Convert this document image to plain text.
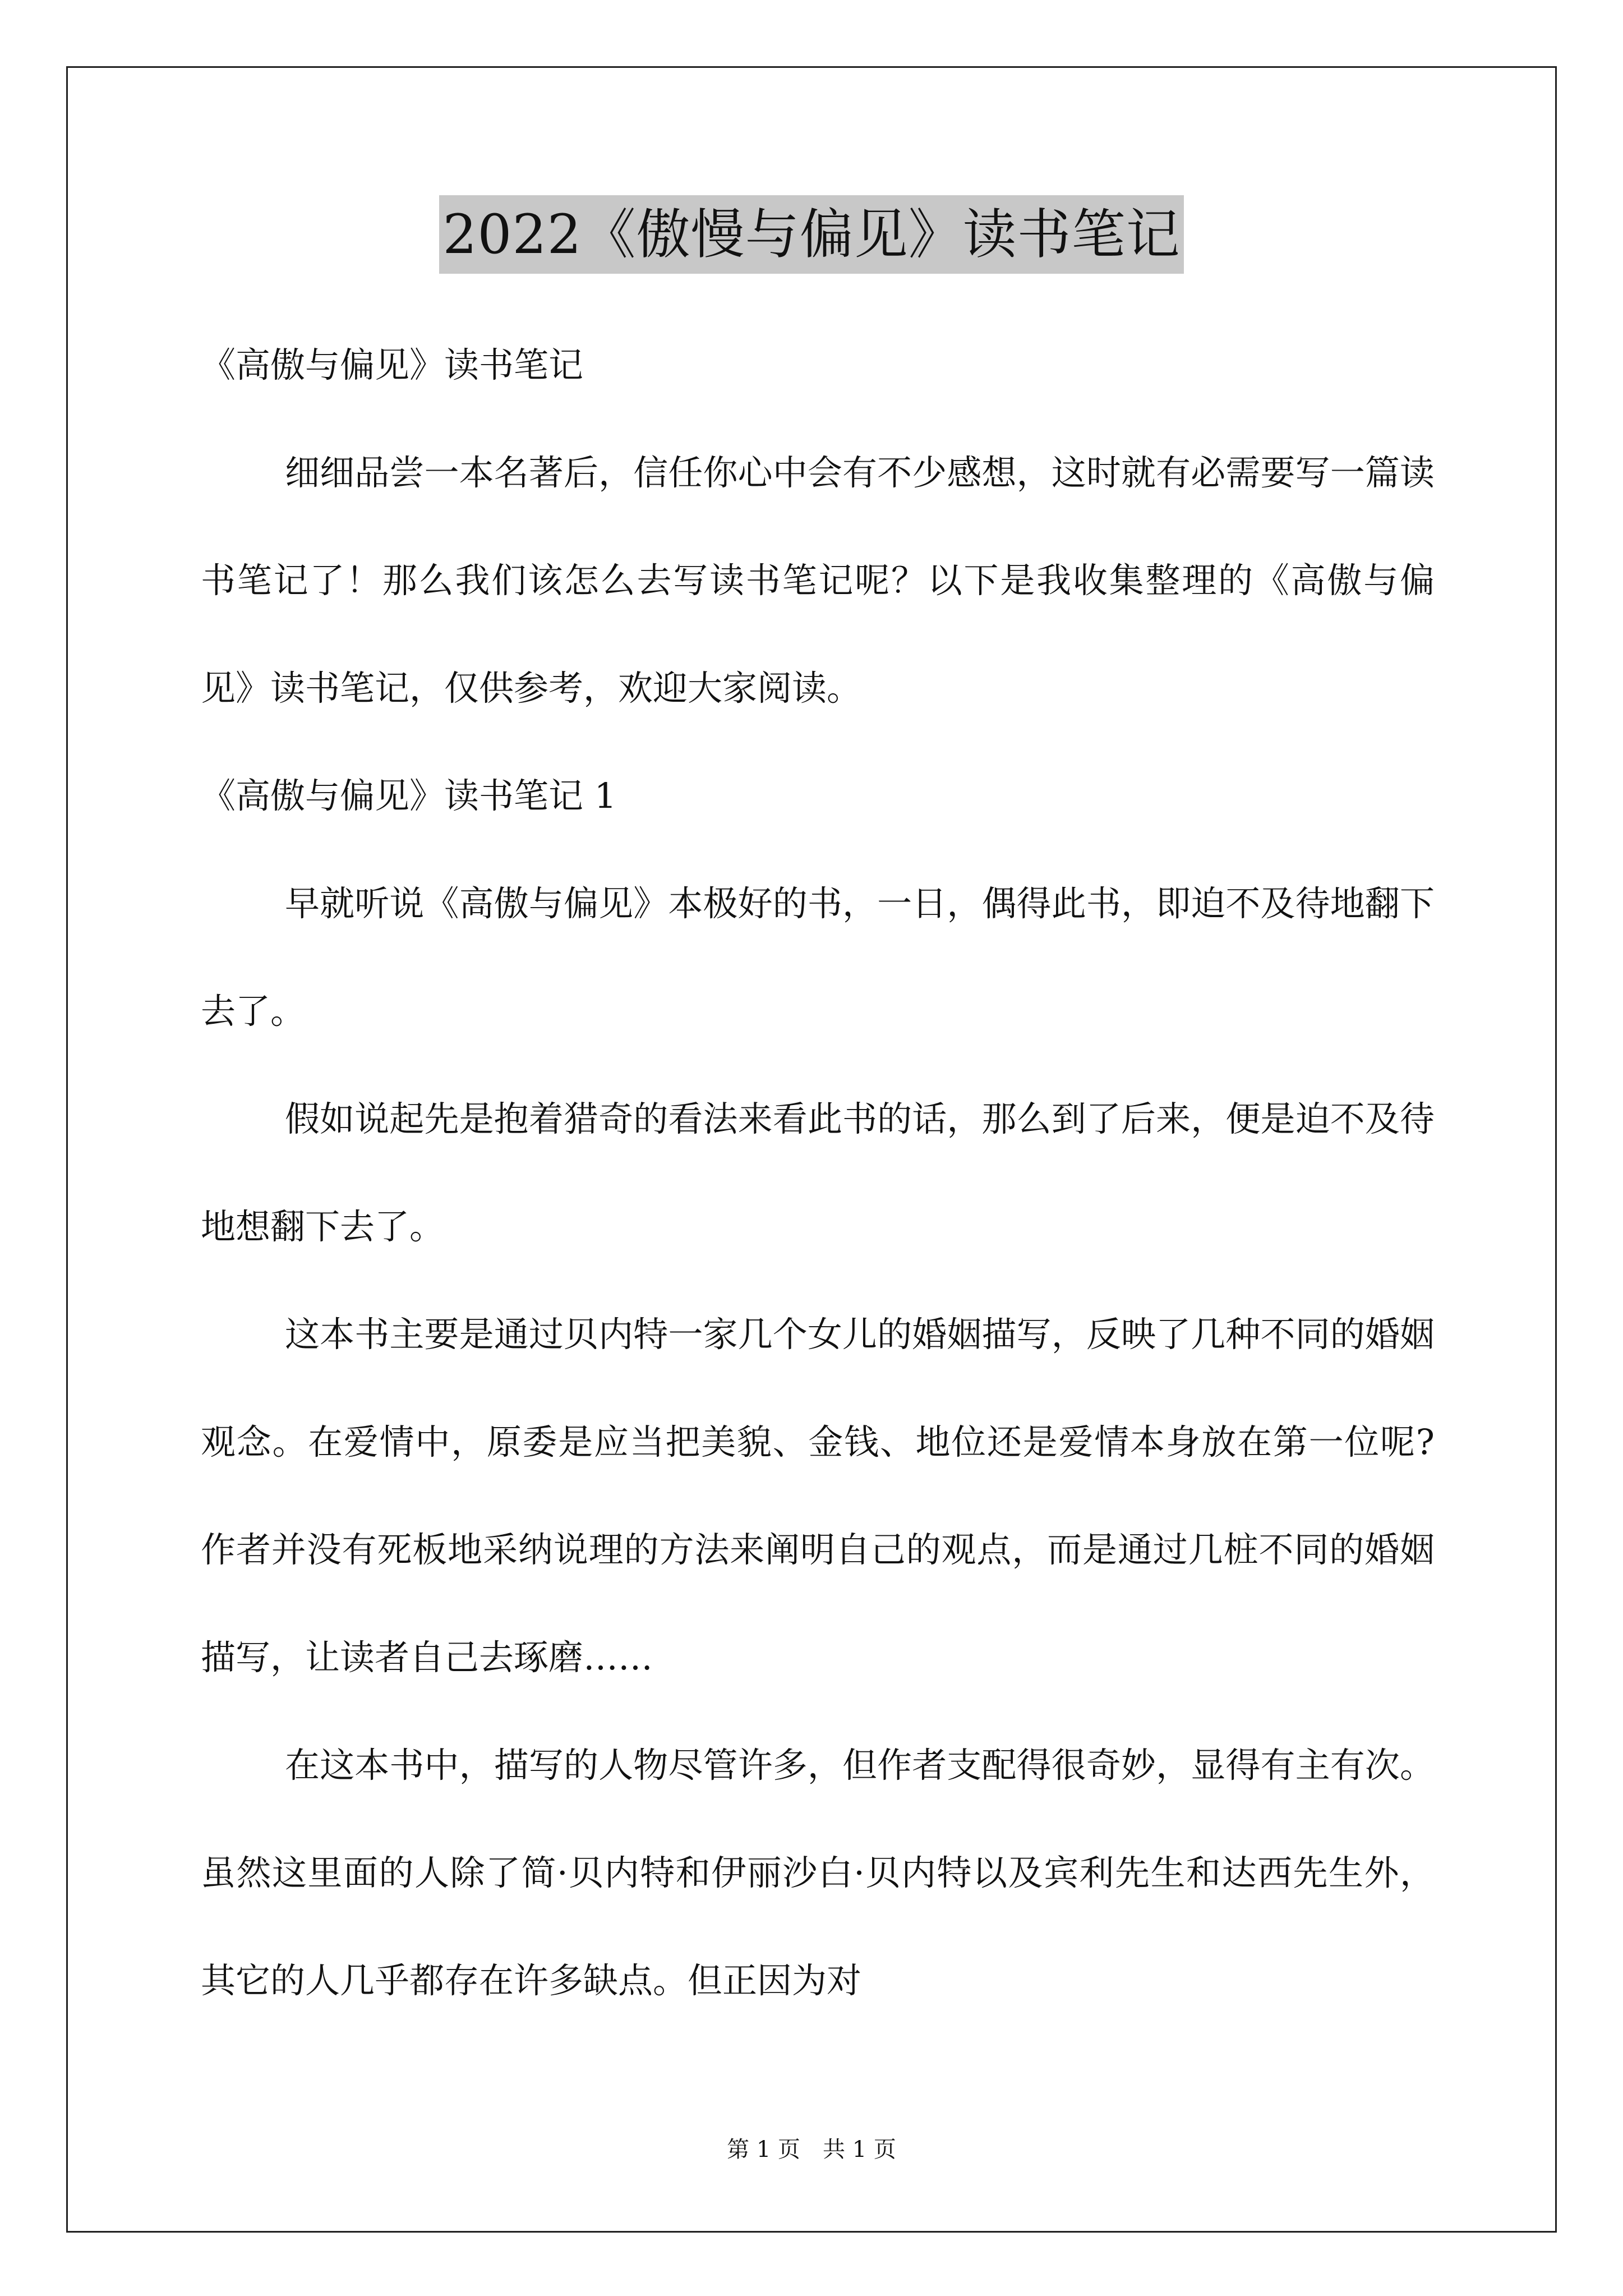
2022《傲慢与偏见》读书笔记

《高傲与偏见》读书笔记

细细品尝一本名著后，信任你心中会有不少感想，这时就有必需要写一篇读书笔记了！那么我们该怎么去写读书笔记呢？以下是我收集整理的《高傲与偏见》读书笔记，仅供参考，欢迎大家阅读。

《高傲与偏见》读书笔记 1

早就听说《高傲与偏见》本极好的书，一日，偶得此书，即迫不及待地翻下去了。

假如说起先是抱着猎奇的看法来看此书的话，那么到了后来，便是迫不及待地想翻下去了。

这本书主要是通过贝内特一家几个女儿的婚姻描写，反映了几种不同的婚姻观念。在爱情中，原委是应当把美貌、金钱、地位还是爱情本身放在第一位呢?作者并没有死板地采纳说理的方法来阐明自己的观点，而是通过几桩不同的婚姻描写，让读者自己去琢磨……

在这本书中，描写的人物尽管许多，但作者支配得很奇妙，显得有主有次。虽然这里面的人除了简·贝内特和伊丽沙白·贝内特以及宾利先生和达西先生外，其它的人几乎都存在许多缺点。但正因为对

第 1 页 共 1 页
